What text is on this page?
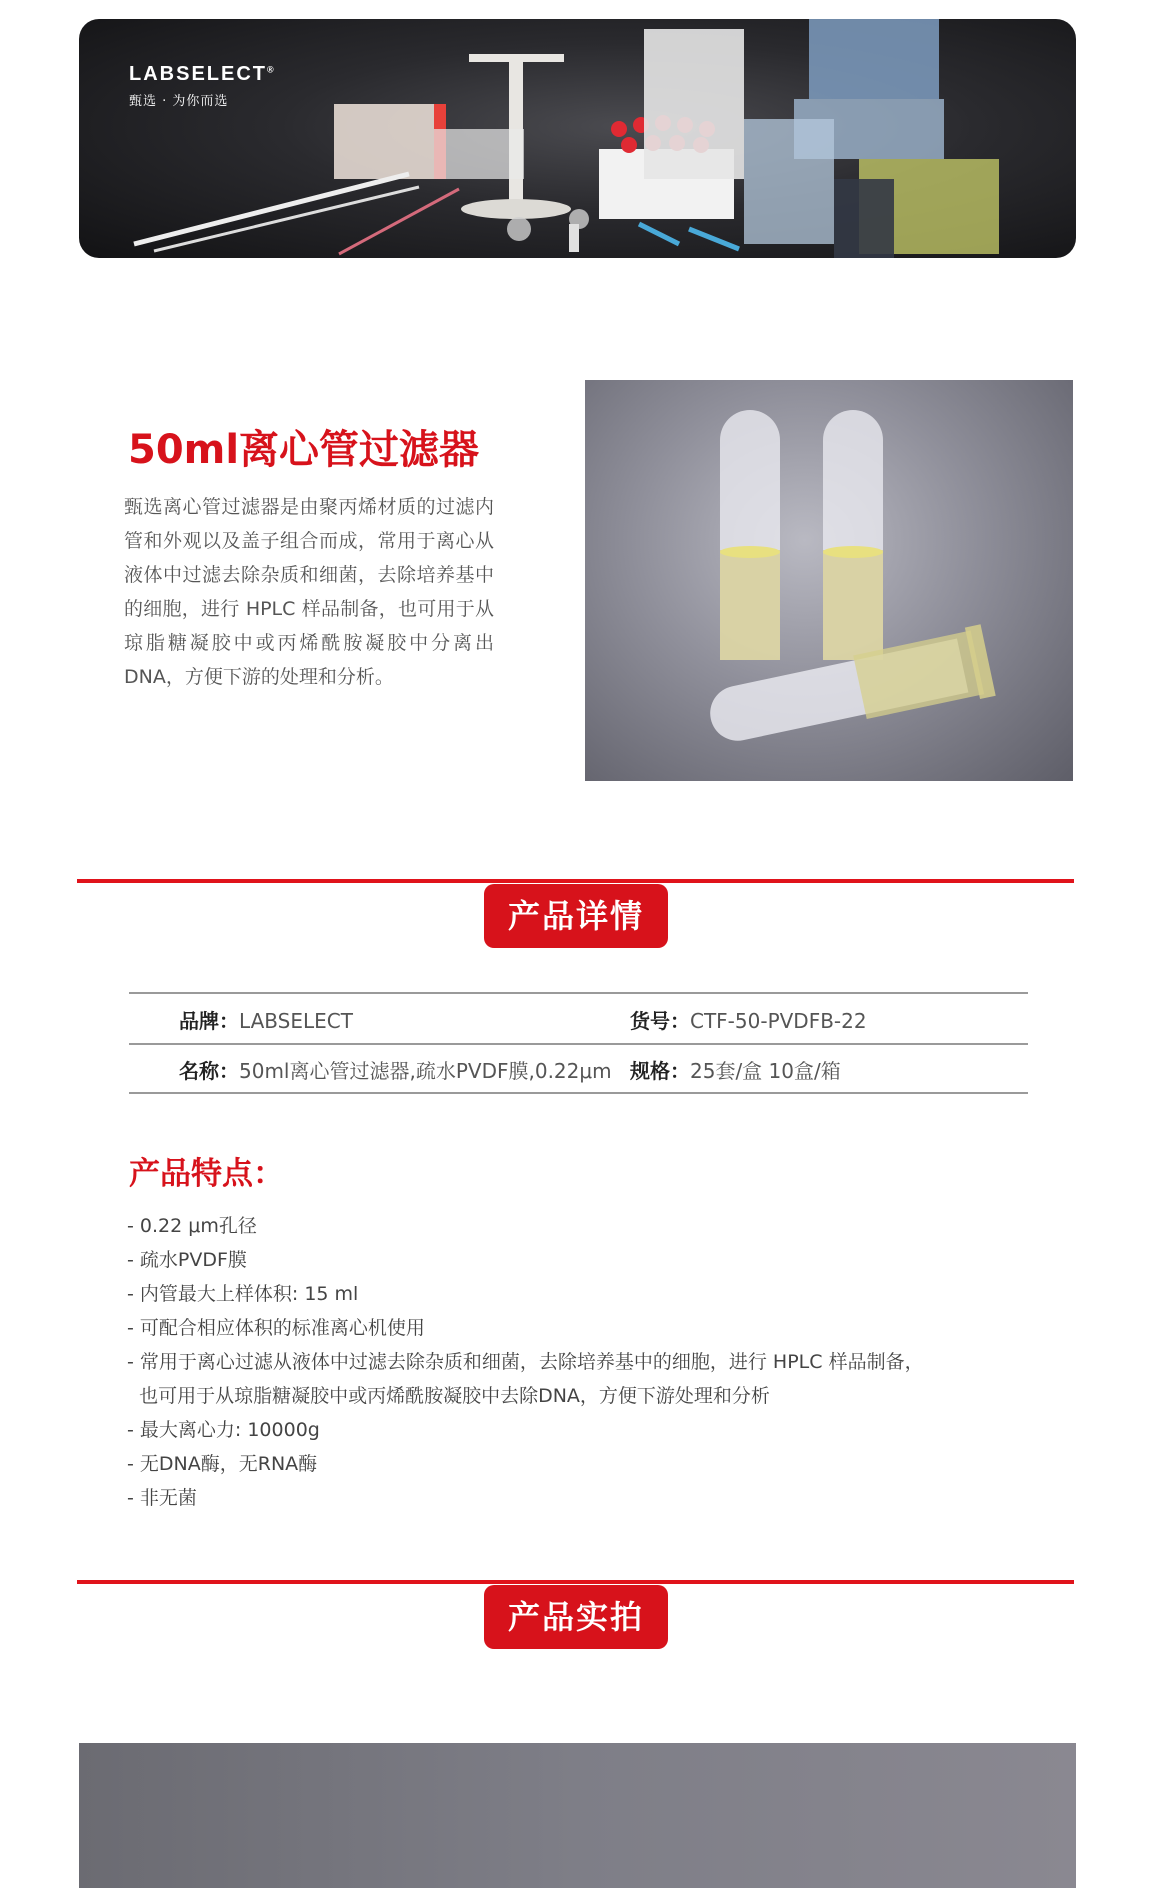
LABSELECT®
甄选 · 为你而选
50ml离心管过滤器
甄选离心管过滤器是由聚丙烯材质的过滤内管和外观以及盖子组合而成，常用于离心从液体中过滤去除杂质和细菌，去除培养基中的细胞，进行 HPLC 样品制备，也可用于从琼脂糖凝胶中或丙烯酰胺凝胶中分离出DNA，方便下游的处理和分析。
产品详情
品牌：LABSELECT	货号：CTF-50-PVDFB-22
名称：50ml离心管过滤器,疏水PVDF膜,0.22μm 规格：25套/盒 10盒/箱
产品特点：
- 0.22 μm孔径
- 疏水PVDF膜
- 内管最大上样体积: 15 ml
- 可配合相应体积的标准离心机使用
- 常用于离心过滤从液体中过滤去除杂质和细菌，去除培养基中的细胞，进行 HPLC 样品制备，
也可用于从琼脂糖凝胶中或丙烯酰胺凝胶中去除DNA，方便下游处理和分析
- 最大离心力: 10000g
- 无DNA酶，无RNA酶
- 非无菌
产品实拍
